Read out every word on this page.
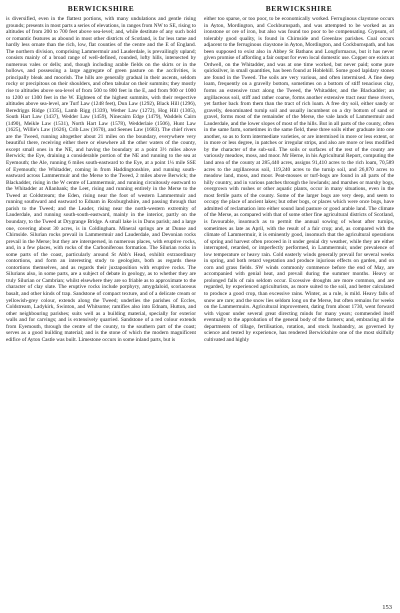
BERWICKSHIRE

is diversified, even in the flattest portions, with many undulations and gentle rising grounds; presents in most parts a series of elevations, in ranges from NW to SE, rising to altitudes of from 200 to 700 feet above sea-level; and, while destitute of any such bold or romantic features as abound in most other districts of Scotland, is far less tame and hardly less ornate than the rich, low, flat counties of the centre and the E of England. The northern division, comprising Lammermuir and Lauderdale, is prevailingly upland; consists mainly of a broad range of well-defined, rounded, lofty hills, intersected by numerous vales or dells; and, though including arable fields on the skirts or in the hollows, and possessing a large aggregate of green pasture on the acclivities, is principally bleak and moorish. The hills are generally gradual in their ascents, seldom rocky or precipitous on their shoulders, and often tabular on their summits; they mostly rise to altitudes above sea-level of from 500 to 800 feet in the E, and from 900 or 1000 to 1200 or 1300 feet in the W. Eighteen of the highest summits, with their respective altitudes above sea-level, are Turf Law (1248 feet), Dun Law (1292), Black Hill (1296), Beredriggs Ridge (1335), Lamb Rigg (1339), Wether Law (1272), Hog Hill (1305), South Hart Law (1437), Wedder Law (1459), Ninecairn Edge (1479), Waddels Cairn (1490), Meikle Law (1531), North Hart Law (1578), Wedderlaie (1506), Hunt Law (1625), Willie's Law (1626), Crib Law (1670), and Seenes Law (1683). The chief rivers are the Tweed, running altogether about 21 miles on the boundary, everywhere very beautiful there, receiving either there or elsewhere all the other waters of the county, except small ones in the NE, and having the boundary at a point 3½ miles above Berwick; the Eye, draining a considerable portion of the NE and running to the sea at Eyemouth; the Ale, running 6 miles south-eastward to the Eye, at a point 1¼ mile SSE of Eyemouth; the Whitadder, coming in from Haddingtonshire, and running south-eastward across Lammermuir and the Merse to the Tweed, 2 miles above Berwick; the Blackadder, rising in the W centre of Lammermuir, and running circuitously eastward to the Whitadder at Allanbank; the Leet, rising and running entirely in the Merse to the Tweed at Coldstream; the Eden, rising near the foot of western Lammermuir and running southward and eastward to Ednam in Roxburghshire, and passing through that parish to the Tweed; and the Leader, rising near the north-western extremity of Lauderdale, and running south-south-eastward, mainly in the interior, partly on the boundary, to the Tweed at Drygrange Bridge. A small lake is in Duns parish; and a large one, covering about 30 acres, is in Coldingham. Mineral springs are at Dunse and Chirnside. Silurian rocks prevail in Lammermuir and Lauderdale, and Devonian rocks prevail in the Merse; but they are interspersed, in numerous places, with eruptive rocks, and, in a few places, with rocks of the Carboniferous formation. The Silurian rocks in some parts of the coast, particularly around St Abb's Head, exhibit extraordinary contortions, and form an interesting study to geologists, both as regards these contortions themselves, and as regards their juxtaposition with eruptive rocks. The Silurians also, in some parts, are a subject of debate in geology, as to whether they are truly Silurian or Cambrian; whilst elsewhere they are so friable as to approximate to the character of clay slate. The eruptive rocks include porphyry, amygdaloid, scoriaceous basalt, and other kinds of trap. Sandstone of compact texture, and of a delicate cream or yellowish-grey colour, extends along the Tweed; underlies the parishes of Eccles, Coldstream, Ladykirk, Swinton, and Whitsome; ramifies also into Ednam, Hutton, and other neighbouring parishes; suits well as a building material, specially for exterior walls and for carvings; and is extensively quarried. Sandstone of a red colour extends from Eyemouth, through the centre of the county, to the southern part of the coast; serves as a good building material; and is the stone of which the modern magnificent edifice of Ayton Castle was built. Limestone occurs in some inland parts, but is

BERWICKSHIRE

either too sparse, or too poor, to be economically worked. Ferruginous claystone occurs in Ayton, Mordington, and Cockburnspath, and was attempted to be worked as an ironstone or ore of iron, but also was found too poor to be compensating. Gypsum, of tolerably good quality, is found in Chirnside and Greenlaw parishes. Coal occurs adjacent to the ferruginous claystone in Ayton, Mordington, and Cockburnspath, and has been supposed to exist also in Abbey St Bathans and Longformacus, but it has never given promise of affording a fair output for even local domestic use. Copper ore exists at Ordwell, on the Whitadder, and was at one time worked, but never paid; some pure quicksilver, in small quantities, has been found at Hoblehill. Some good lapidary stones are found in the Tweed. The soils are very various, and often intermixed. A fine deep loam, frequently on a gravelly bottom, sometimes on a bottom of stiff tenacious clay, forms an extensive tract along the Tweed, the Whitadder, and the Blackadder; an argillaceous soil, stiff and rather coarse, forms another extensive tract near these rivers, yet farther back from them than the tract of rich loam. A free dry soil, either sandy or gravelly, denominated turnip soil and usually incumbent on a dry bottom of sand or gravel, forms most of the remainder of the Merse, the vale lands of Lammermuir and Lauderdale, and the lower slopes of most of the hills. But in all parts of the county, often in the same farm, sometimes in the same field, these three soils either graduate into one another, so as to form intermediate varieties, or are intermixed in more or less extent, or in more or less degree, in patches or irregular strips, and also are more or less modified by the character of the sub-soil. The soils or surfaces of the rest of the county are variously meadow, moss, and moor. Mr Herne, in his Agricultural Report, computing the land area of the county at 285,440 acres, assigns 91,410 acres to the rich loam, 70,589 acres to the argillaceous soil, 119,240 acres to the turnip soil, and 26,870 acres to meadow land, moss, and moor. Peat-mosses or turf-bogs are found in all parts of the hilly country, and in various patches through the lowlands; and marshes or marshy bogs, overgrown with rushes or other aquatic plants, occur in many situations, even in the most fertile parts of the county. Some of the larger bogs are very deep, and seem to occupy the place of ancient lakes; but other bogs, or places which were once bogs, have admitted of reclamation into either sound land pasture or good arable land. The climate of the Merse, as compared with that of some other fine agricultural districts of Scotland, is favourable, insomuch as to permit the annual sowing of wheat after turnips, sometimes as late as April, with the result of a fair crop; and, as compared with the climate of Lammermuir, it is eminently good, insomuch that the agricultural operations of spring and harvest often proceed in it under genial dry weather, while they are either interrupted, retarded, or imperfectly performed, in Lammermuir, under prevalence of low temperature or heavy rain. Cold easterly winds generally prevail for several weeks in spring, and both retard vegetation and produce injurious effects on garden, and on corn and grass fields. SW winds commonly commence before the end of May, are accompanied with genial heat, and prevail during the summer months. Heavy or prolonged falls of rain seldom occur. Excessive droughts are more common, and are regarded, by experienced agriculturists, as more suited to the soil, and better calculated to produce a good crop, than excessive rains. Winter, as a rule, is mild. Heavy falls of snow are rare; and the snow lies seldom long on the Merse, but often remains for weeks on the Lammermuirs. Agricultural improvement, dating from about 1730, went forward with vigour under several great directing minds for many years; commended itself eventually to the approbation of the general body of the farmers; and, embracing all the departments of tillage, fertilisation, rotation, and stock husbandry, as governed by science and tested by experience, has rendered Berwickshire one of the most skilfully cultivated and highly

153
